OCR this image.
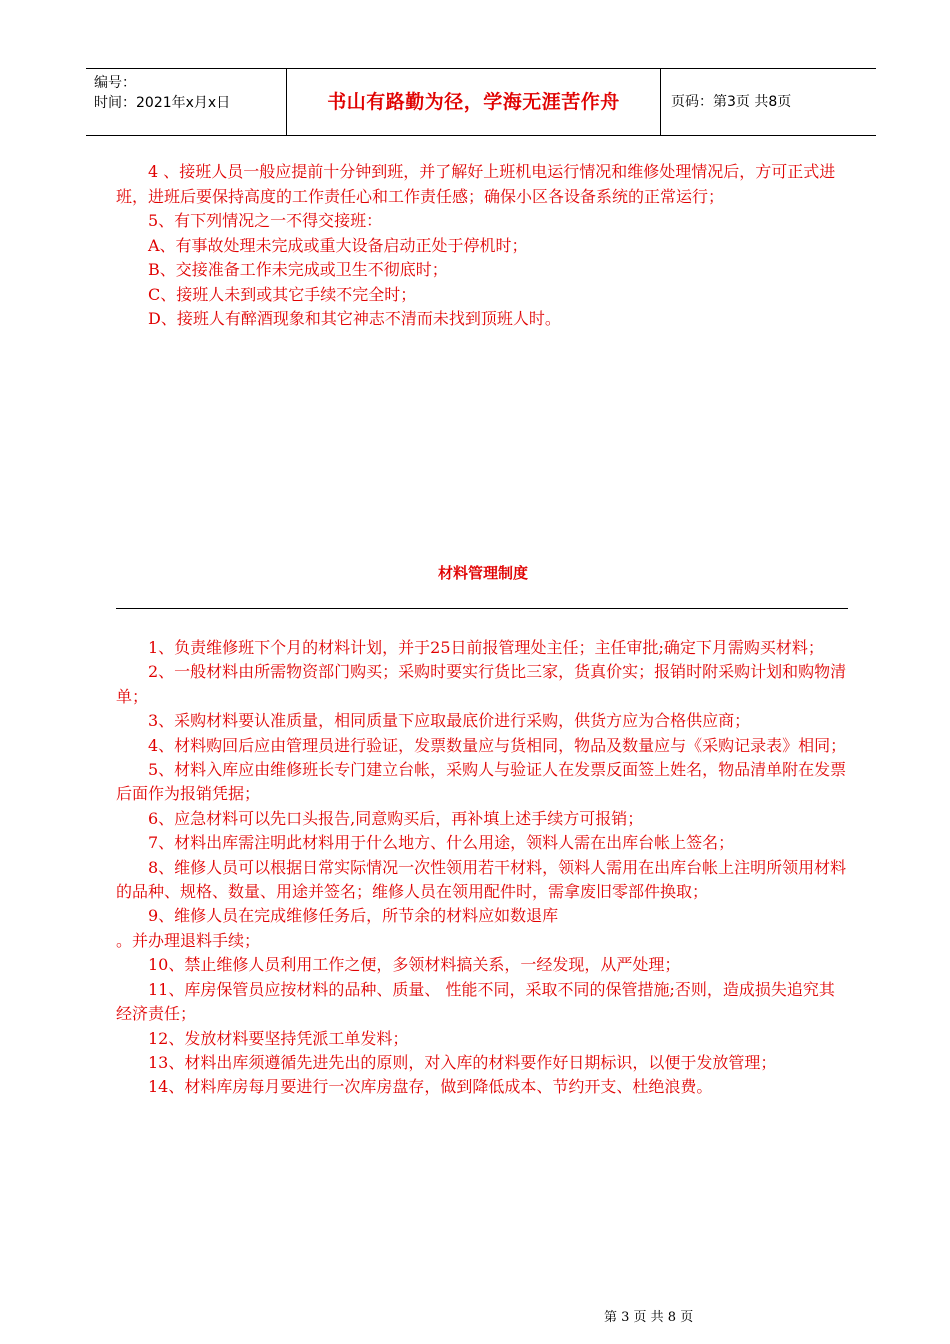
编号：
时间：2021年x月x日	书山有路勤为径，学海无涯苦作舟	页码：第3页 共8页

4 、接班人员一般应提前十分钟到班，并了解好上班机电运行情况和维修处理情况后，方可正式进班，进班后要保持高度的工作责任心和工作责任感；确保小区各设备系统的正常运行；

5、有下列情况之一不得交接班：

A、有事故处理未完成或重大设备启动正处于停机时；

B、交接准备工作未完成或卫生不彻底时；

C、接班人未到或其它手续不完全时；

D、接班人有醉酒现象和其它神志不清而未找到顶班人时。

材料管理制度

1、负责维修班下个月的材料计划，并于25日前报管理处主任；主任审批;确定下月需购买材料；

2、一般材料由所需物资部门购买；采购时要实行货比三家，货真价实；报销时附采购计划和购物清单；

3、采购材料要认准质量，相同质量下应取最底价进行采购，供货方应为合格供应商；

4、材料购回后应由管理员进行验证，发票数量应与货相同，物品及数量应与《采购记录表》相同；

5、材料入库应由维修班长专门建立台帐，采购人与验证人在发票反面签上姓名，物品清单附在发票后面作为报销凭据；

6、应急材料可以先口头报告,同意购买后，再补填上述手续方可报销；

7、材料出库需注明此材料用于什么地方、什么用途，领料人需在出库台帐上签名；

8、维修人员可以根据日常实际情况一次性领用若干材料，领料人需用在出库台帐上注明所领用材料的品种、规格、数量、用途并签名；维修人员在领用配件时，需拿废旧零部件换取；

9、维修人员在完成维修任务后，所节余的材料应如数退库

。并办理退料手续；

10、禁止维修人员利用工作之便，多领材料搞关系，一经发现，从严处理；

11、库房保管员应按材料的品种、质量、 性能不同，采取不同的保管措施;否则，造成损失追究其经济责任；

12、发放材料要坚持凭派工单发料；

13、材料出库须遵循先进先出的原则，对入库的材料要作好日期标识，以便于发放管理；

14、材料库房每月要进行一次库房盘存，做到降低成本、节约开支、杜绝浪费。

第 3 页 共 8 页
